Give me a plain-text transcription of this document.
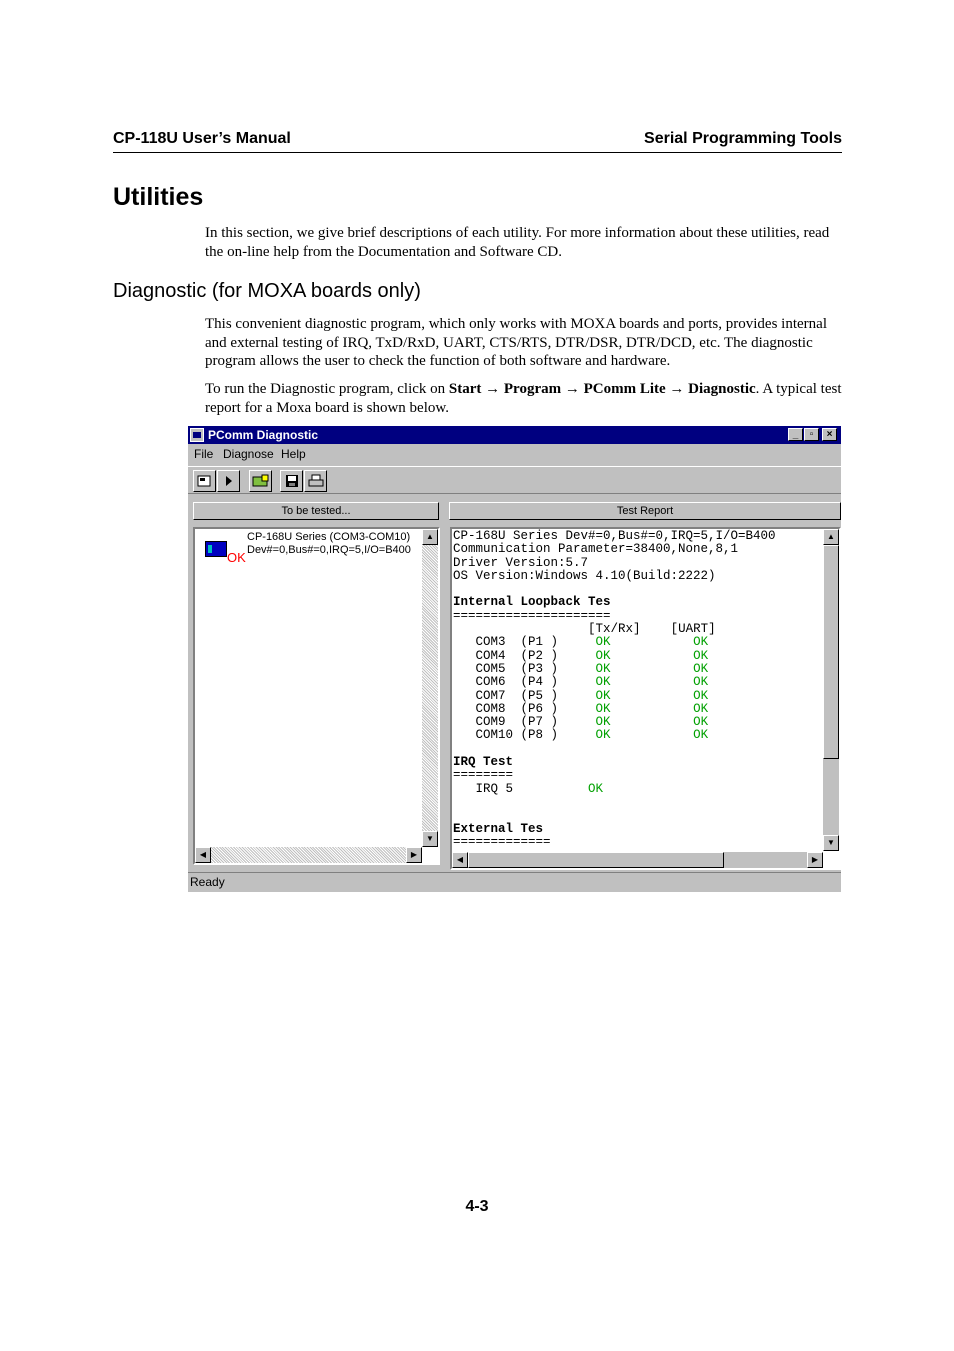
CP-118U User’s Manual	Serial Programming Tools
Utilities
In this section, we give brief descriptions of each utility. For more information about these utilities, read the on-line help from the Documentation and Software CD.
Diagnostic (for MOXA boards only)
This convenient diagnostic program, which only works with MOXA boards and ports, provides internal and external testing of IRQ, TxD/RxD, UART, CTS/RTS, DTR/DSR, DTR/DCD, etc. The diagnostic program allows the user to check the function of both software and hardware.
To run the Diagnostic program, click on Start → Program → PComm Lite → Diagnostic. A typical test report for a Moxa board is shown below.
PComm Diagnostic	_	▫	×
File Diagnose Help
To be tested...	Test Report
OK
CP-168U Series (COM3-COM10)
Dev#=0,Bus#=0,IRQ=5,I/O=B400
▲
▼
◀	▶
CP-168U Series Dev#=0,Bus#=0,IRQ=5,I/O=B400
Communication Parameter=38400,None,8,1
Driver Version:5.7
OS Version:Windows 4.10(Build:2222)

Internal Loopback Tes
=====================
[Tx/Rx] [UART]
COM3  (P1 )	OK	OK
COM4  (P2 )	OK	OK
COM5  (P3 )	OK	OK
COM6  (P4 )	OK	OK
COM7  (P5 )	OK	OK
COM8  (P6 )	OK	OK
COM9  (P7 )	OK	OK
COM10 (P8 )	OK	OK

IRQ Test
========
IRQ 5	OK

External Tes
=============
▲
▼
◀	▶
Ready
4-3
